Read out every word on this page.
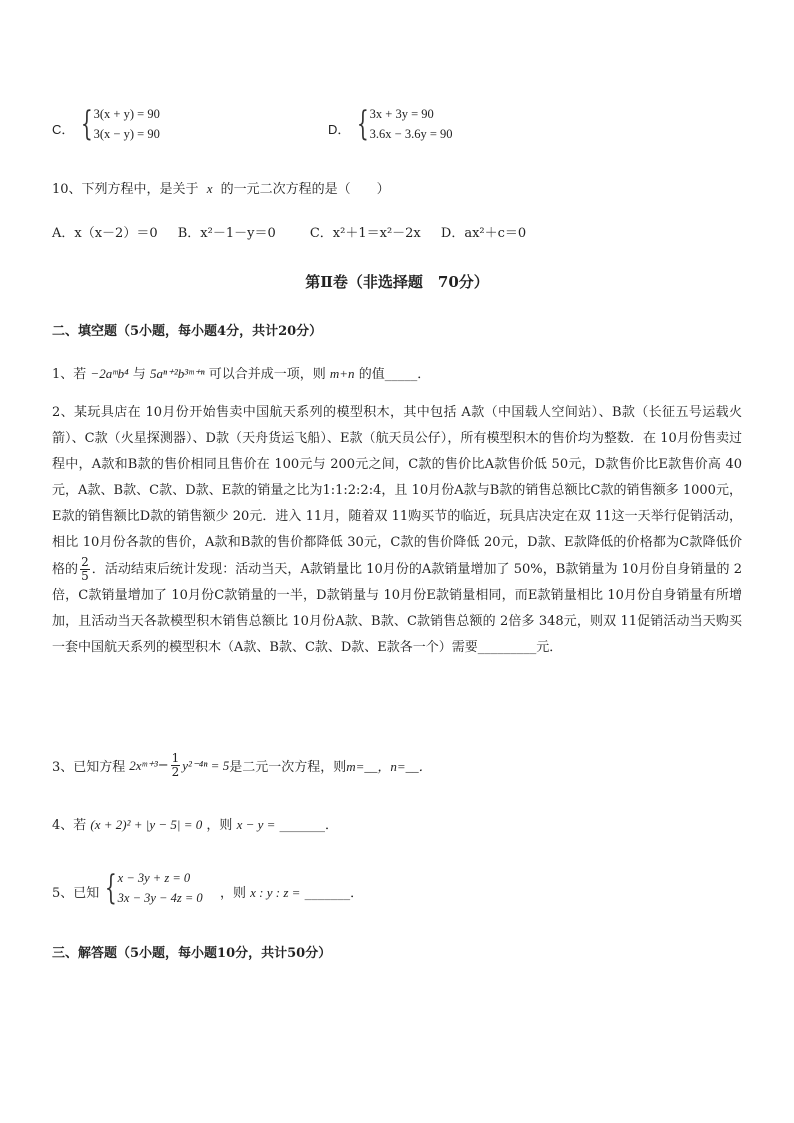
C． { 3(x + y) = 90
3(x − y) = 90	D． { 3x + 3y = 90
3.6x − 3.6y = 90
10、下列方程中，是关于 x 的一元二次方程的是（　　）
A．x（x－2）＝0 B．x²－1－y＝0	C．x²＋1＝x²－2x D．ax²＋c＝0
第Ⅱ卷（非选择题　70分）
二、填空题（5小题，每小题4分，共计20分）
1、若 −2aᵐb⁴ 与 5aⁿ⁺²b³ᵐ⁺ⁿ 可以合并成一项，则 m+n 的值_____．
2、某玩具店在 10月份开始售卖中国航天系列的模型积木，其中包括 A款（中国载人空间站）、B款（长征五号运载火箭）、C款（火星探测器）、D款（天舟货运飞船）、E款（航天员公仔），所有模型积木的售价均为整数．在 10月份售卖过程中，A款和B款的售价相同且售价在 100元与 200元之间，C款的售价比A款售价低 50元，D款售价比E款售价高 40元，A款、B款、C款、D款、E款的销量之比为1:1:2:2:4，且 10月份A款与B款的销售总额比C款的销售额多 1000元，E款的销售额比D款的销售额少 20元．进入 11月，随着双 11购买节的临近，玩具店决定在双 11这一天举行促销活动，相比 10月份各款的售价，A款和B款的售价都降低 30元，C款的售价降低 20元，D款、E款降低的价格都为C款降低价格的 $\frac{2}{5}$ ．活动结束后统计发现：活动当天，A款销量比 10月份的A款销量增加了 50%，B款销量为 10月份自身销量的 2倍，C款销量增加了 10月份C款销量的一半，D款销量与 10月份E款销量相同，而E款销量相比 10月份自身销量有所增加，且活动当天各款模型积木销售总额比 10月份A款、B款、C款销售总额的 2倍多 348元，则双 11促销活动当天购买一套中国航天系列的模型积木（A款、B款、C款、D款、E款各一个）需要_________元．
3、已知方程 2xᵐ⁺³ − $\frac{1}{2} y^{2-4n} = 5$ 是二元一次方程，则 m=__，n=__．
4、若 (x + 2)² + |y − 5| = 0 ，则 x − y = _______．
5、已知 { x − 3y + z = 0
3x − 3y − 4z = 0 ，则 x : y : z = _______．
三、解答题（5小题，每小题10分，共计50分）
